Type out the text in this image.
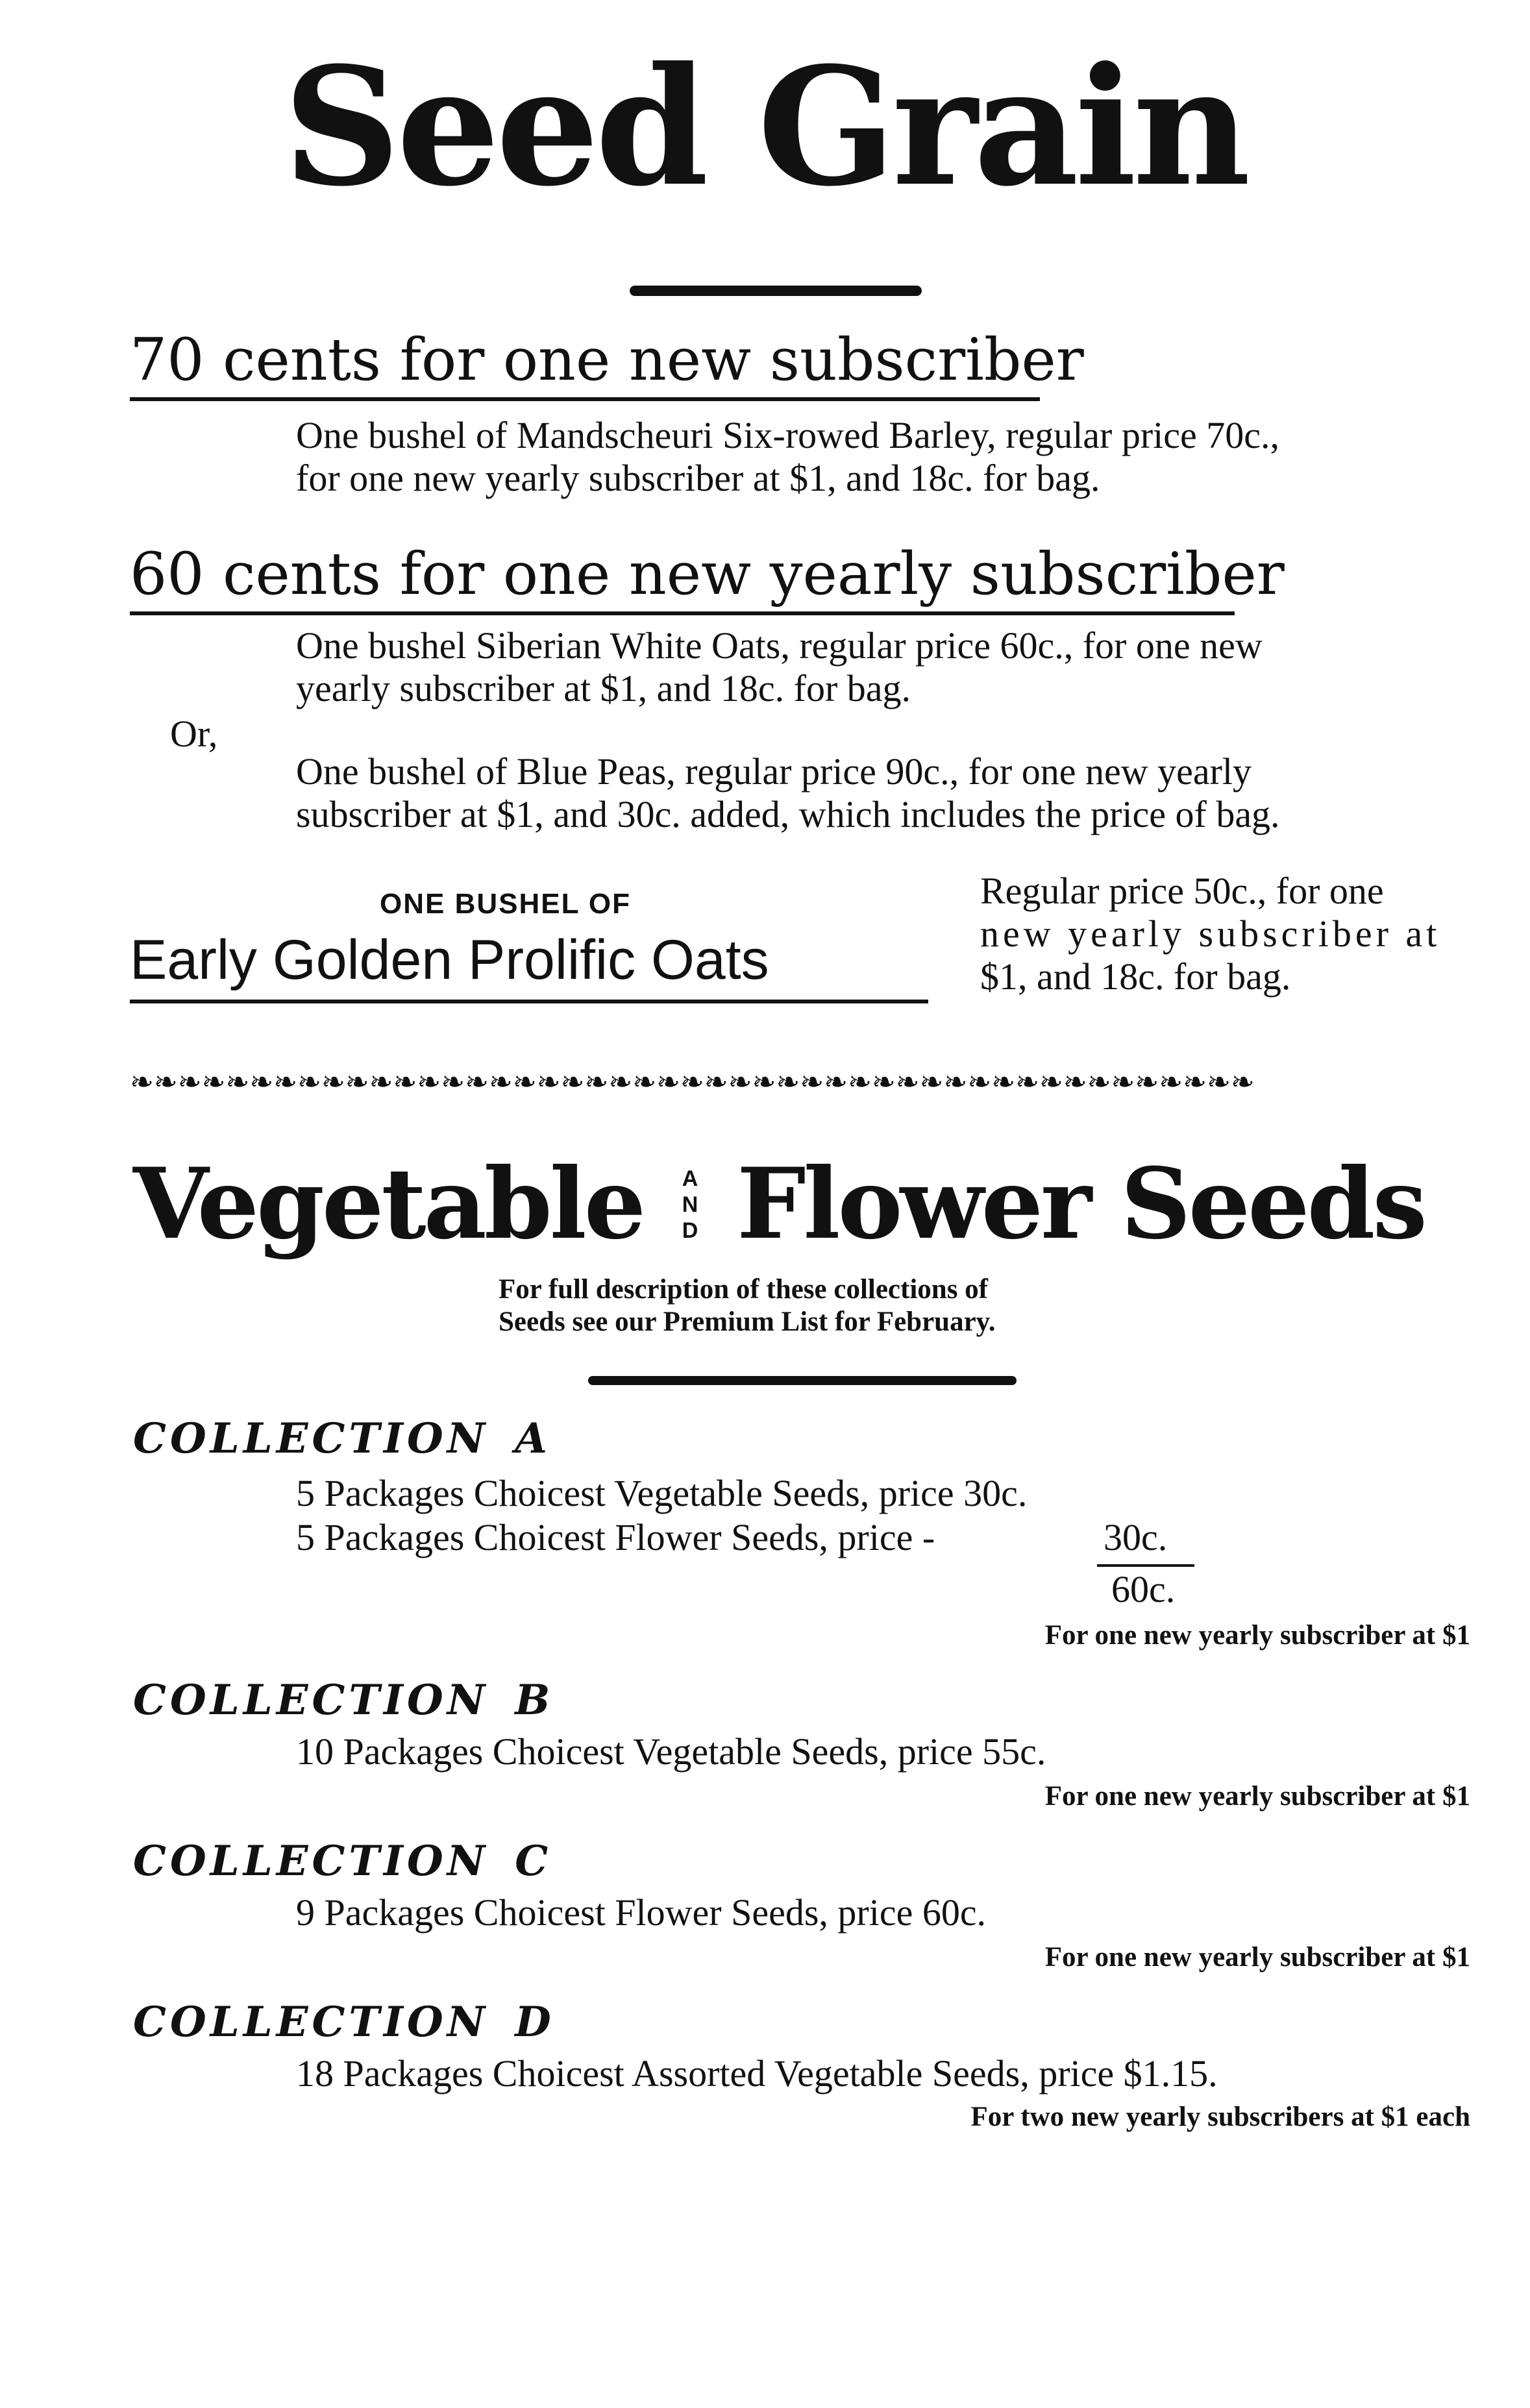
Seed Grain
70 cents for one new subscriber
One bushel of Mandscheuri Six-rowed Barley, regular price 70c.,
for one new yearly subscriber at $1, and 18c. for bag.
60 cents for one new yearly subscriber
One bushel Siberian White Oats, regular price 60c., for one new
yearly subscriber at $1, and 18c. for bag.
Or,
One bushel of Blue Peas, regular price 90c., for one new yearly
subscriber at $1, and 30c. added, which includes the price of bag.
ONE BUSHEL OF
Early Golden Prolific Oats
Regular price 50c., for one
new yearly subscriber at
$1, and 18c. for bag.
❧❧❧❧❧❧❧❧❧❧❧❧❧❧❧❧❧❧❧❧❧❧❧❧❧❧❧❧❧❧❧❧❧❧❧❧❧❧❧❧❧❧❧❧❧❧❧
Vegetable A
N
D Flower Seeds
For full description of these collections of
Seeds see our Premium List for February.
COLLECTION A
5 Packages Choicest Vegetable Seeds, price 30c.
5 Packages Choicest Flower Seeds, price -	30c.
60c.
For one new yearly subscriber at $1
COLLECTION B
10 Packages Choicest Vegetable Seeds, price 55c.
For one new yearly subscriber at $1
COLLECTION C
9 Packages Choicest Flower Seeds, price 60c.
For one new yearly subscriber at $1
COLLECTION D
18 Packages Choicest Assorted Vegetable Seeds, price $1.15.
For two new yearly subscribers at $1 each
